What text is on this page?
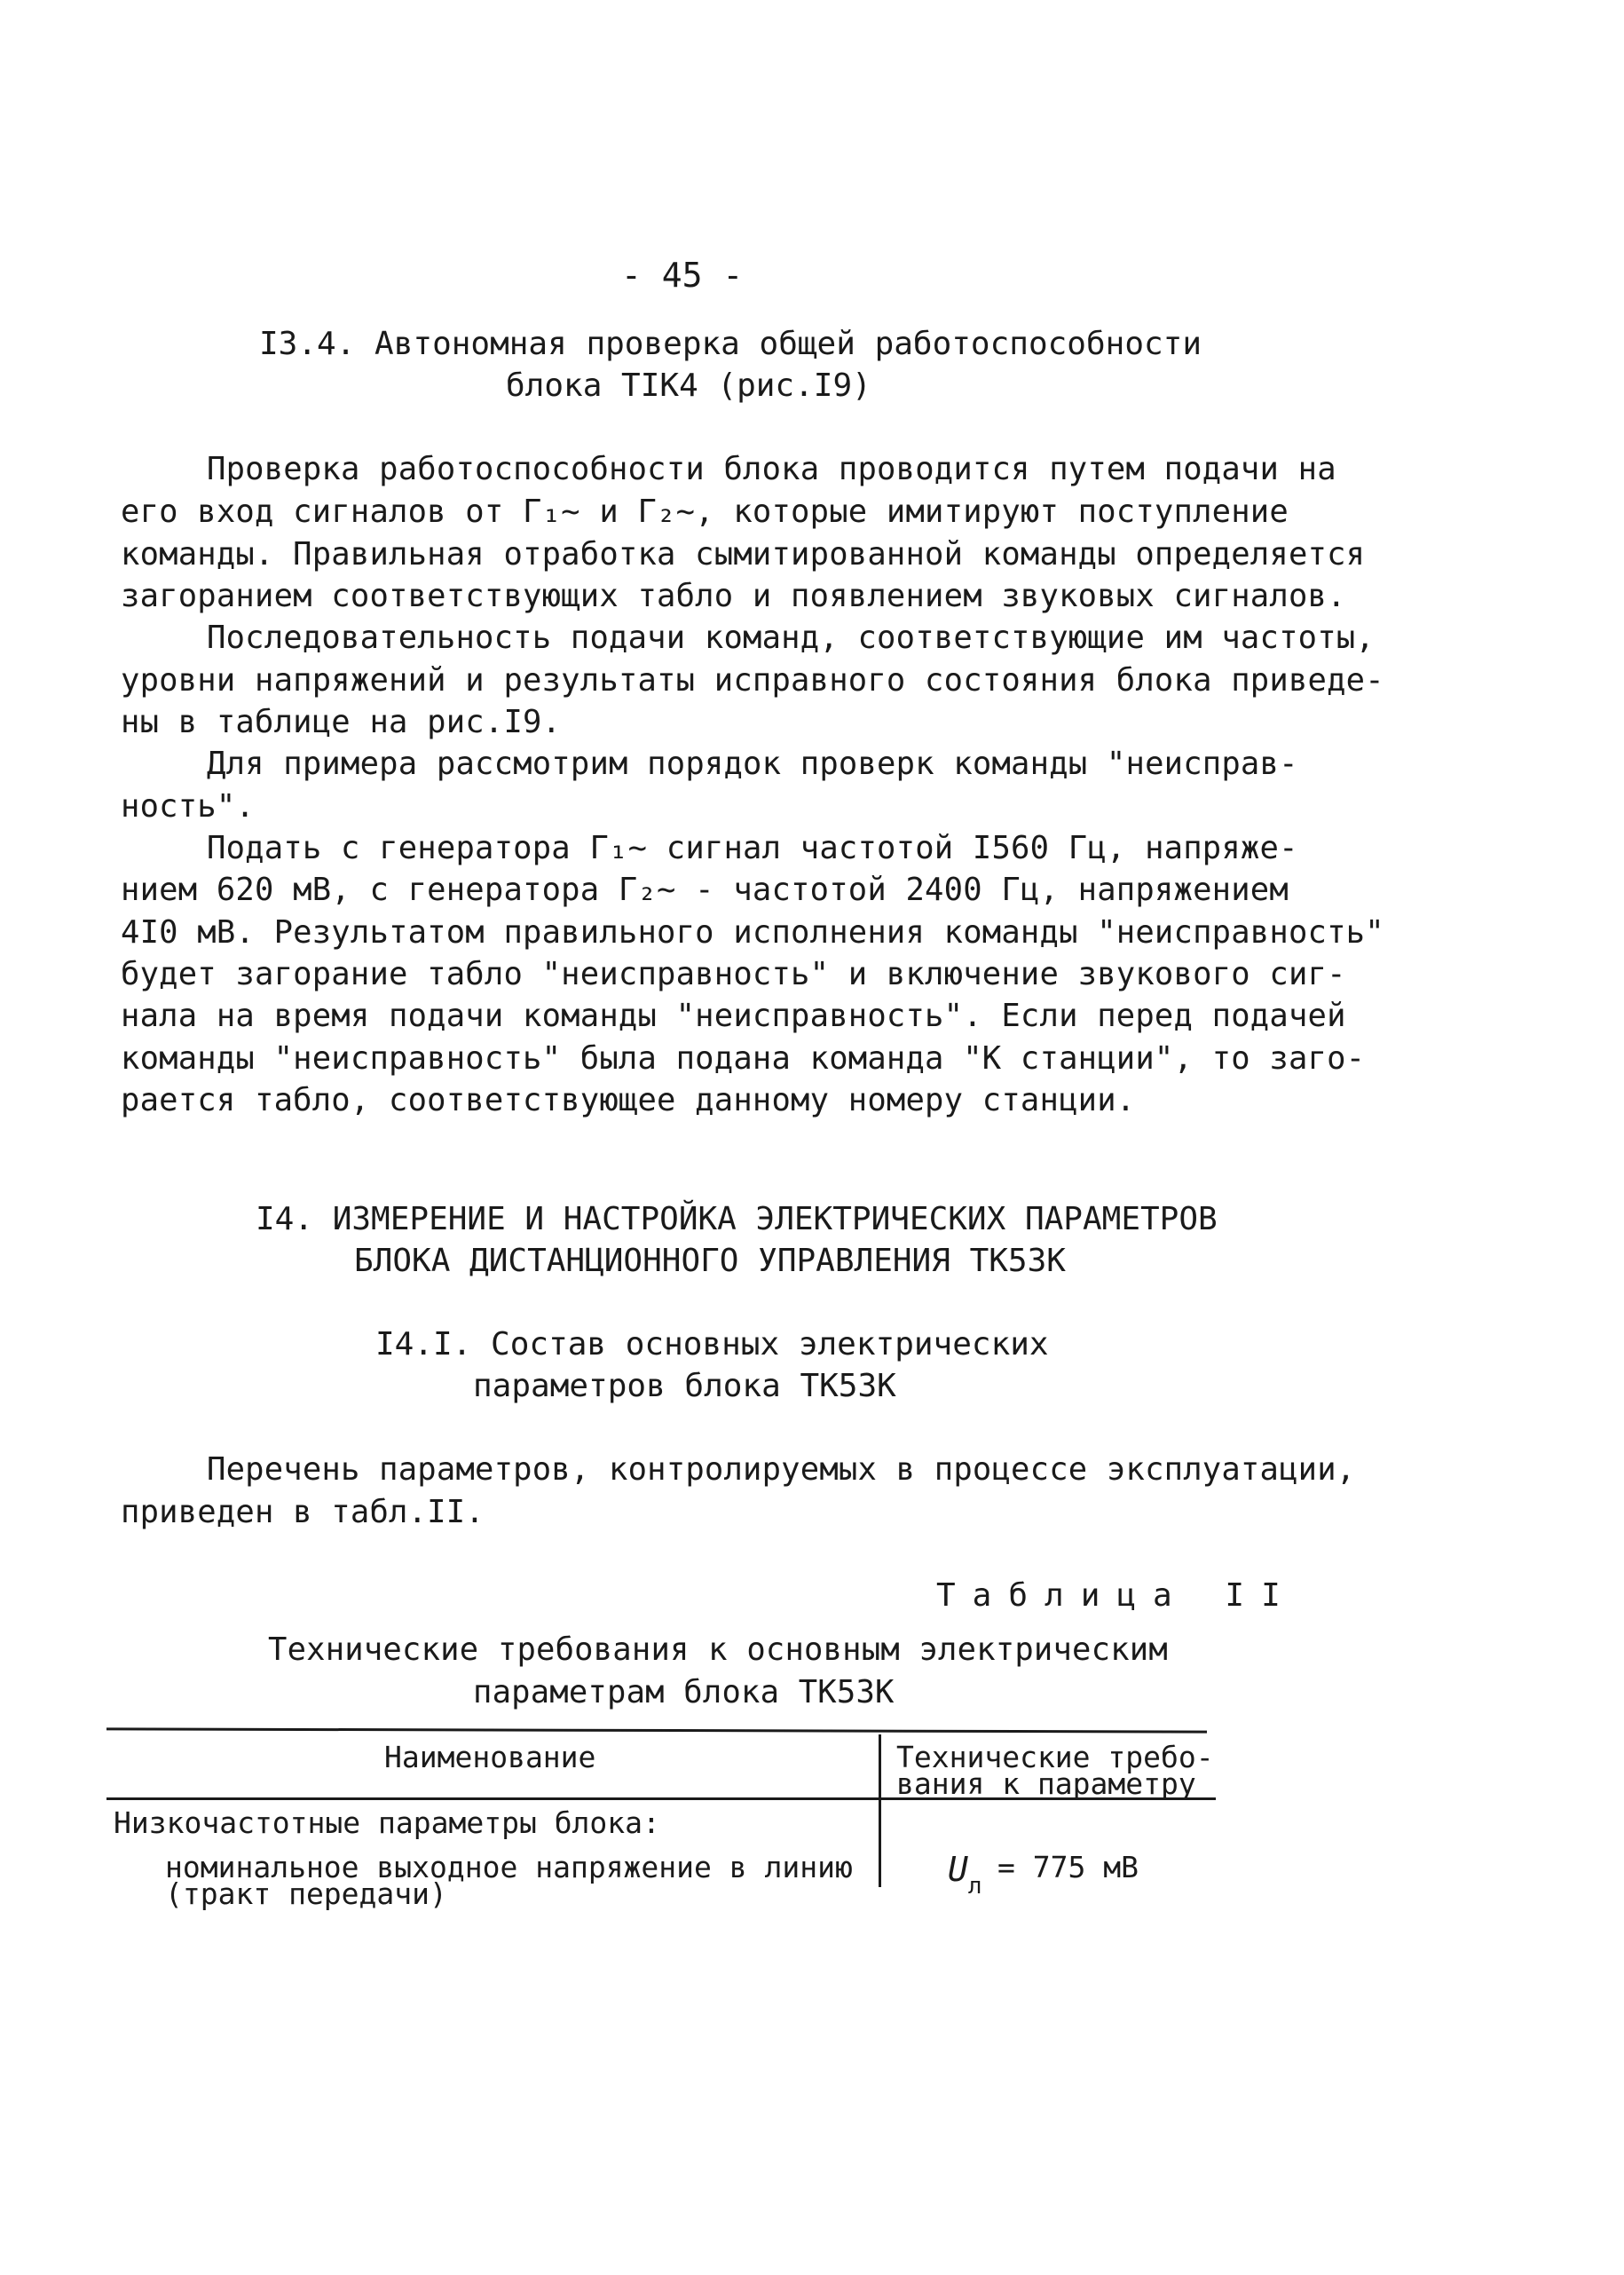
- 45 -
I3.4. Автономная проверка общей работоспособности
блока ТIК4 (рис.I9)
Проверка работоспособности блока проводится путем подачи на
его вход сигналов от Г₁~ и Г₂~, которые имитируют поступление
команды. Правильная отработка сымитированной команды определяется
загоранием соответствующих табло и появлением звуковых сигналов.
Последовательность подачи команд, соответствующие им частоты,
уровни напряжений и результаты исправного состояния блока приведе-
ны в таблице на рис.I9.
Для примера рассмотрим порядок проверк команды "неисправ-
ность".
Подать с генератора Г₁~ сигнал частотой I560 Гц, напряже-
нием 620 мВ, с генератора Г₂~ - частотой 2400 Гц, напряжением
4I0 мВ. Результатом правильного исполнения команды "неисправность"
будет загорание табло "неисправность" и включение звукового сиг-
нала на время подачи команды "неисправность". Если перед подачей
команды "неисправность" была подана команда "К станции", то заго-
рается табло, соответствующее данному номеру станции.
I4. ИЗМЕРЕНИЕ И НАСТРОЙКА ЭЛЕКТРИЧЕСКИХ ПАРАМЕТРОВ
БЛОКА ДИСТАНЦИОННОГО УПРАВЛЕНИЯ ТК53К
I4.I. Состав основных электрических
параметров блока ТК53К
Перечень параметров, контролируемых в процессе эксплуатации,
приведен в табл.II.
Таблица II
Технические требования к основным электрическим
параметрам блока ТК53К
Наименование	Технические требо-
вания к параметру
Низкочастотные параметры блока:
номинальное выходное напряжение в линию
(тракт передачи)
$U_л$
= 775 мВ
